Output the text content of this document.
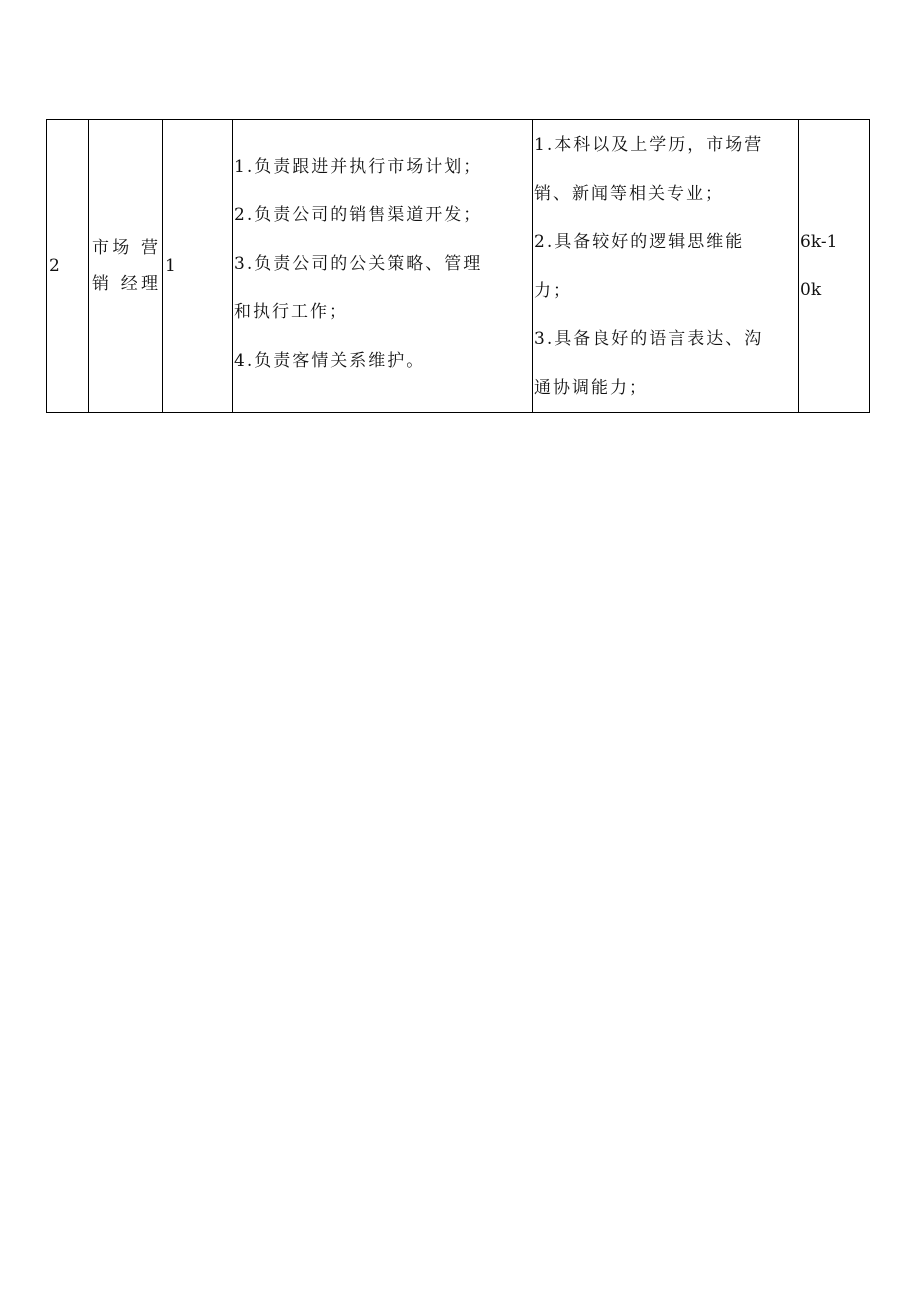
2

市场 营
销 经理

1

1.负责跟进并执行市场计划；
2.负责公司的销售渠道开发；
3.负责公司的公关策略、管理
和执行工作；
4.负责客情关系维护。

1.本科以及上学历，市场营
销、新闻等相关专业；
2.具备较好的逻辑思维能
力；
3.具备良好的语言表达、沟
通协调能力；

6k-1
0k
